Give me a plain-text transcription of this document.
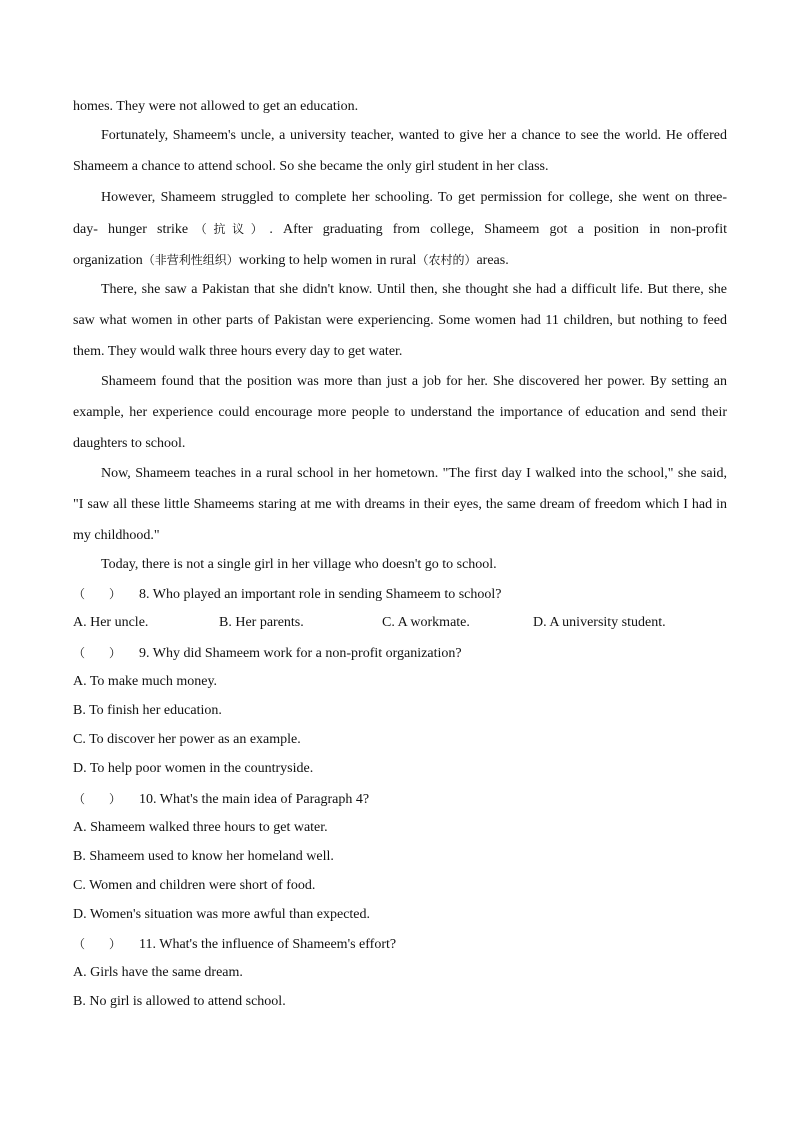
homes. They were not allowed to get an education.
Fortunately, Shameem's uncle, a university teacher, wanted to give her a chance to see the world. He offered
Shameem a chance to attend school. So she became the only girl student in her class.
However, Shameem struggled to complete her schooling. To get permission for college, she went on three-
day- hunger strike（抗议）. After graduating from college, Shameem got a position in non-profit
organization（非营利性组织）working to help women in rural（农村的）areas.
There, she saw a Pakistan that she didn't know. Until then, she thought she had a difficult life. But there, she
saw what women in other parts of Pakistan were experiencing. Some women had 11 children, but nothing to feed
them. They would walk three hours every day to get water.
Shameem found that the position was more than just a job for her. She discovered her power. By setting an
example, her experience could encourage more people to understand the importance of education and send their
daughters to school.
Now, Shameem teaches in a rural school in her hometown. "The first day I walked into the school," she said,
"I saw all these little Shameems staring at me with dreams in their eyes, the same dream of freedom which I had in
my childhood."
Today, there is not a single girl in her village who doesn't go to school.
（　　） 8. Who played an important role in sending Shameem to school?
A. Her uncle.	B. Her parents.	C. A workmate.	D. A university student.
（　　） 9. Why did Shameem work for a non-profit organization?
A. To make much money.
B. To finish her education.
C. To discover her power as an example.
D. To help poor women in the countryside.
（　　） 10. What's the main idea of Paragraph 4?
A. Shameem walked three hours to get water.
B. Shameem used to know her homeland well.
C. Women and children were short of food.
D. Women's situation was more awful than expected.
（　　） 11. What's the influence of Shameem's effort?
A. Girls have the same dream.
B. No girl is allowed to attend school.
